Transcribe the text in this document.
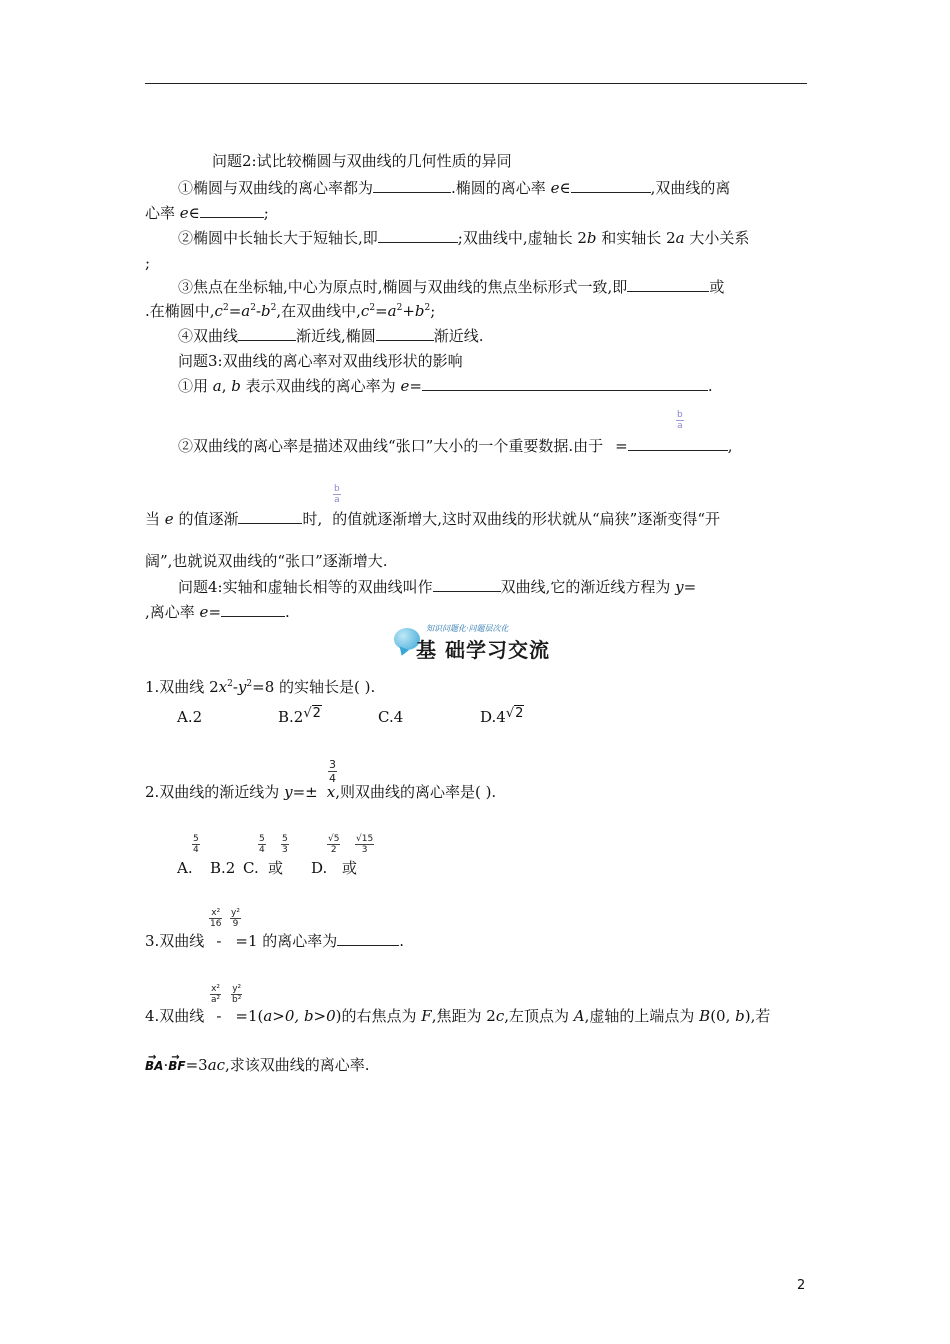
问题2:试比较椭圆与双曲线的几何性质的异同
①椭圆与双曲线的离心率都为	.椭圆的离心率 e∈	,双曲线的离
心率 e∈	;
②椭圆中长轴长大于短轴长,即	;双曲线中,虚轴长 2b 和实轴长 2a 大小关系
;
③焦点在坐标轴,中心为原点时,椭圆与双曲线的焦点坐标形式一致,即	或
.在椭圆中$,c^2=a^2-b^2$,在双曲线中$,c^2=a^2+b^2$;
④双曲线	渐近线,椭圆	渐近线.
问题3:双曲线的离心率对双曲线形状的影响
①用 a, b 表示双曲线的离心率为 e=	.
$\frac{b}{a}$
②双曲线的离心率是描述双曲线“张口”大小的一个重要数据.由于 =	,
$\frac{b}{a}$
当 e 的值逐渐	时, 的值就逐渐增大,这时双曲线的形状就从“扁狭”逐渐变得“开
阔”,也就说双曲线的“张口”逐渐增大.
问题4:实轴和虚轴长相等的双曲线叫作	双曲线,它的渐近线方程为 y=
,离心率 e=	.
知识问题化·问题层次化
基 础学习交流
1.双曲线 $2x^2-y^2=8$ 的实轴长是( ).
A.2	B.2√2	C.4	D.4√2
$\frac{3}{4}$
2.双曲线的渐近线为 y=± x,则双曲线的离心率是( ).
$\frac{5}{4}$	$\frac{5}{4} \frac{5}{3}$	$\frac{√5}{2} \frac{√15}{3}$
A. B.2 C. 或 D. 或
$\frac{\text{x²}}{16} \frac{\text{y²}}{9}$
3.双曲线 - =1 的离心率为	.
$\frac{\text{x²}}{\text{a²}} \frac{\text{y²}}{\text{b²}}$
4.双曲线 - =1(a>0, b>0)的右焦点为 F,焦距为 2c,左顶点为 A,虚轴的上端点为 B(0, b),若
→ BA·→ BF=3ac,求该双曲线的离心率.
2
